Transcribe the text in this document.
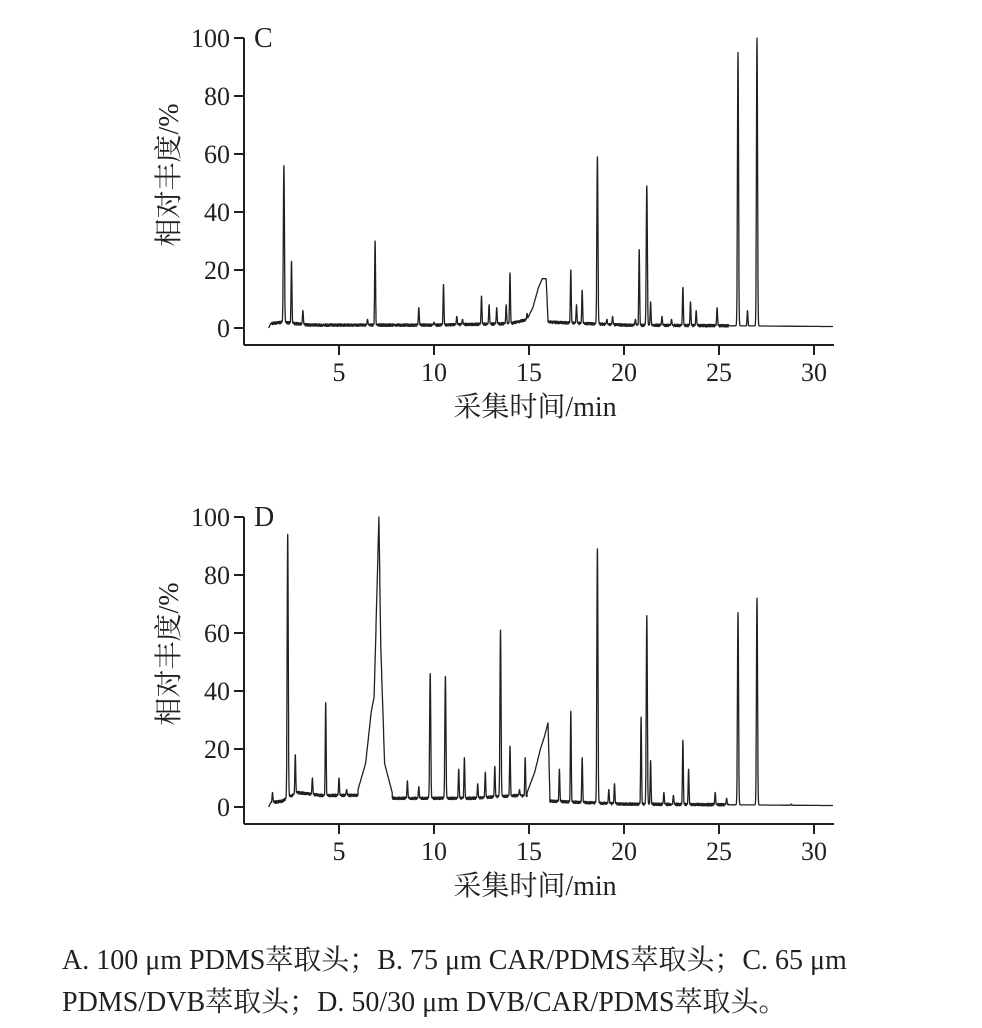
0
20
40
60
80
100
5	10	15	20	25	30
采集时间/min
相对丰度/%
C
0
20
40
60
80
100
5	10	15	20	25	30
采集时间/min
相对丰度/%
D
A. 100 μm PDMS萃取头；B. 75 μm CAR/PDMS萃取头；C. 65 μm
PDMS/DVB萃取头；D. 50/30 μm DVB/CAR/PDMS萃取头。
